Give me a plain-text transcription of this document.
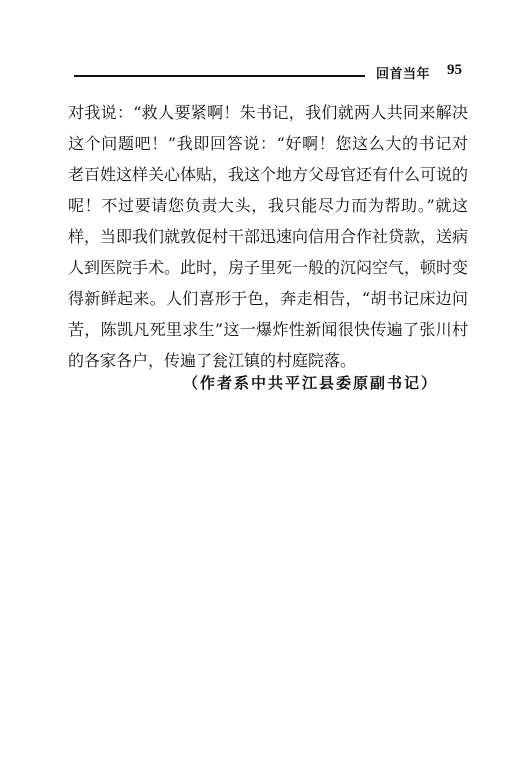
回首当年 95
对我说：“救人要紧啊！朱书记，我们就两人共同来解决
这个问题吧！”我即回答说：“好啊！您这么大的书记对
老百姓这样关心体贴，我这个地方父母官还有什么可说的
呢！不过要请您负责大头，我只能尽力而为帮助。”就这
样，当即我们就敦促村干部迅速向信用合作社贷款，送病
人到医院手术。此时，房子里死一般的沉闷空气，顿时变
得新鲜起来。人们喜形于色，奔走相告，“胡书记床边问
苦，陈凯凡死里求生”这一爆炸性新闻很快传遍了张川村
的各家各户，传遍了瓮江镇的村庭院落。
（作者系中共平江县委原副书记）
